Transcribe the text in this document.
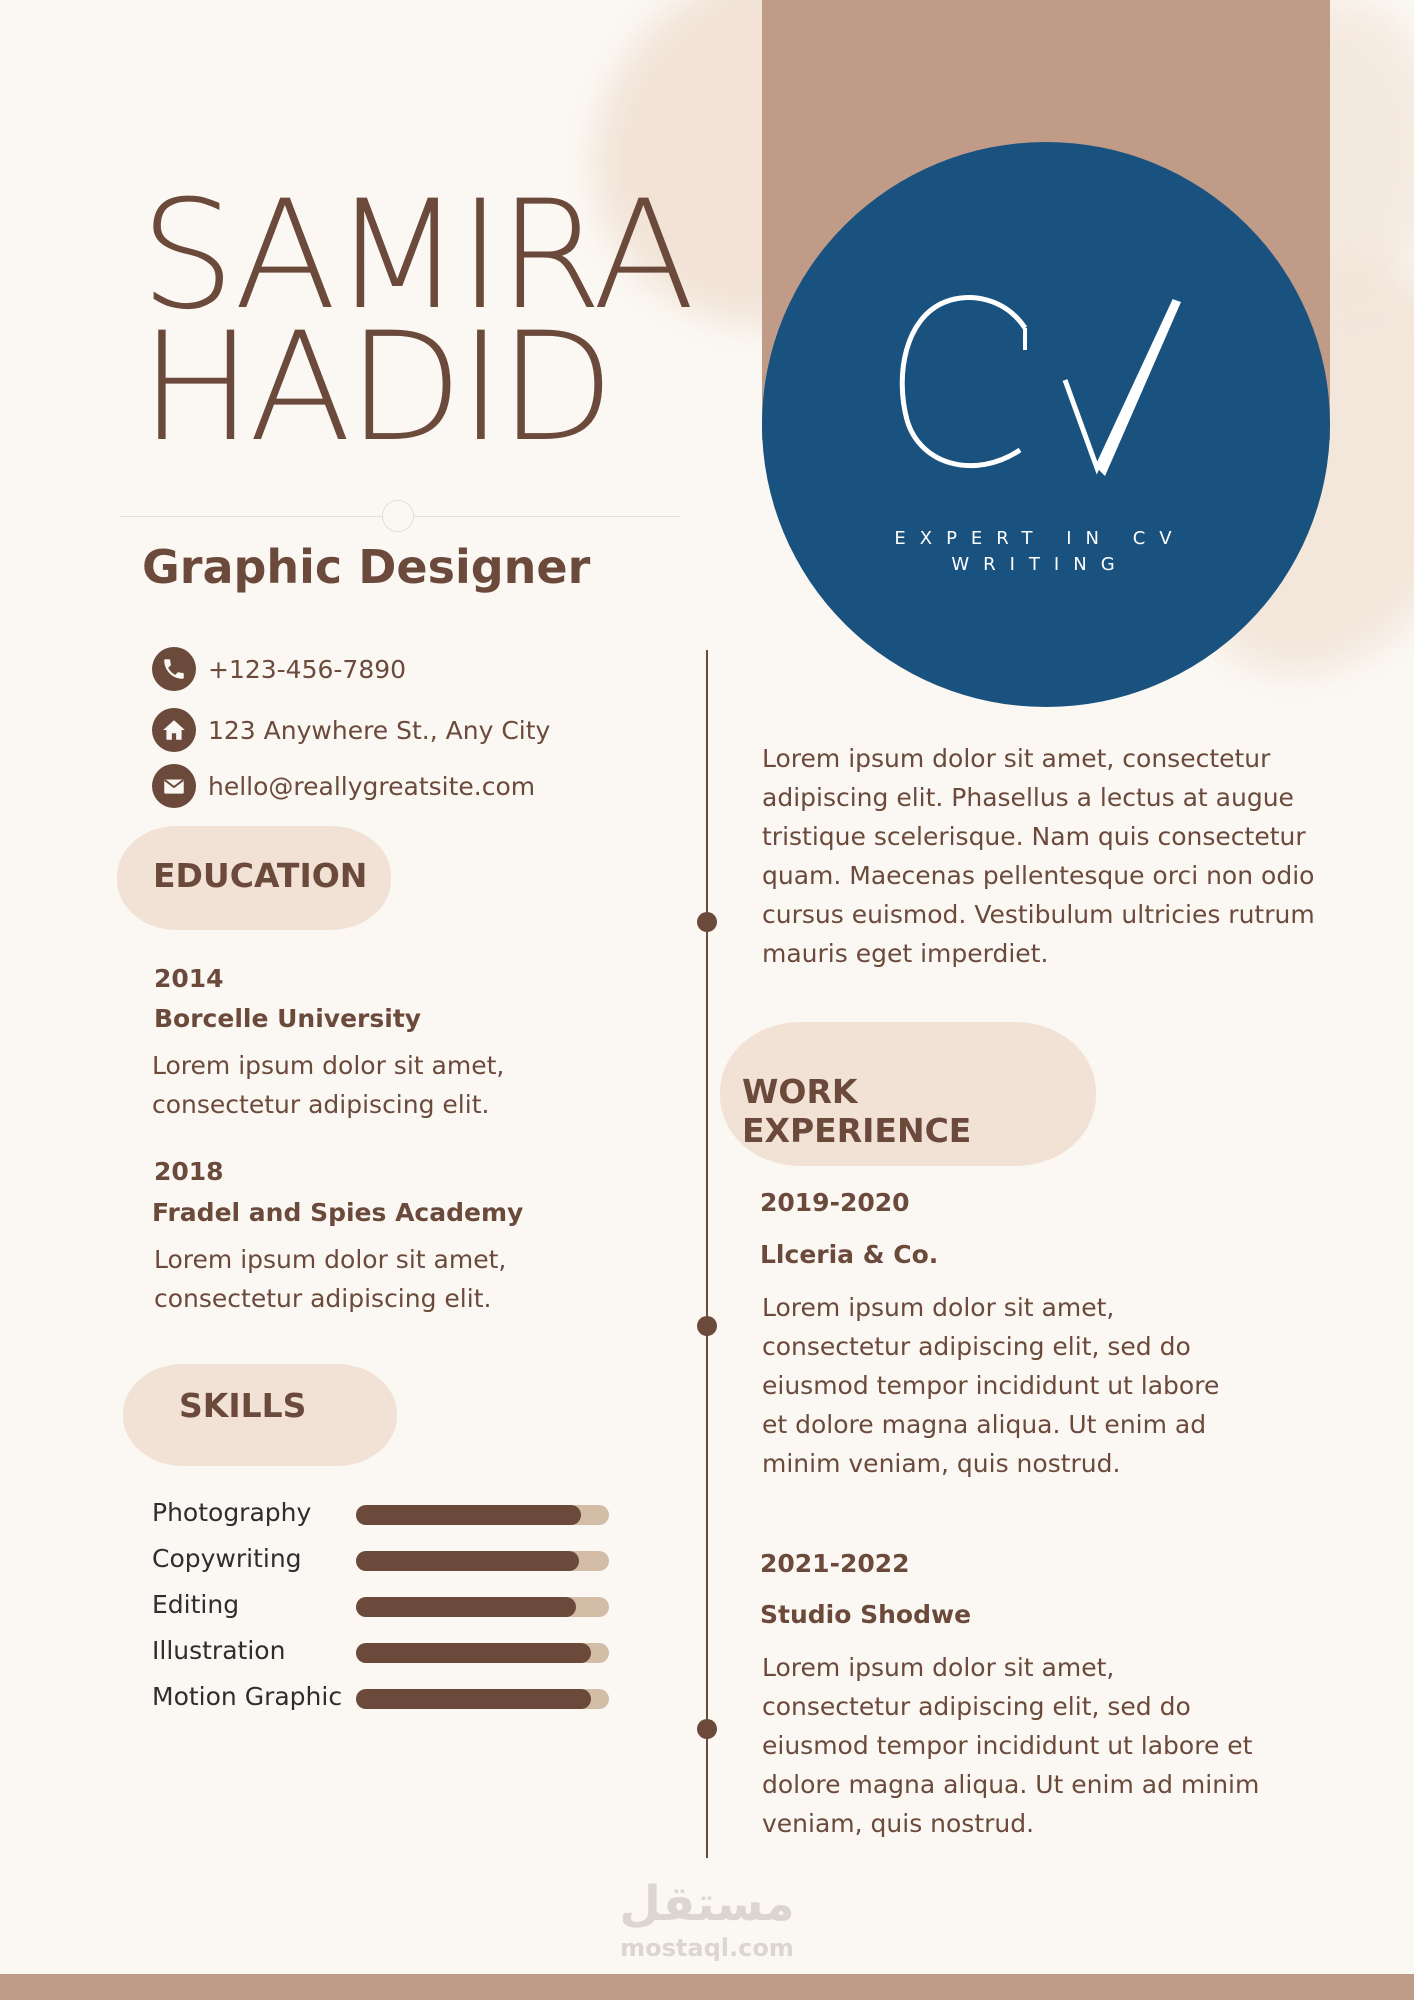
EXPERT IN CV
WRITING
SAMIRA
HADID
Graphic Designer
+123-456-7890
123 Anywhere St., Any City
hello@reallygreatsite.com
EDUCATION
2014
Borcelle University

Lorem ipsum dolor sit amet, consectetur adipiscing elit.

2018
Fradel and Spies Academy

Lorem ipsum dolor sit amet, consectetur adipiscing elit.

SKILLS
Photography
Copywriting
Editing
Illustration
Motion Graphic

Lorem ipsum dolor sit amet, consectetur adipiscing elit. Phasellus a lectus at augue tristique scelerisque. Nam quis consectetur quam. Maecenas pellentesque orci non odio cursus euismod. Vestibulum ultricies rutrum mauris eget imperdiet.

WORK EXPERIENCE
2019-2020
Llceria & Co.

Lorem ipsum dolor sit amet, consectetur adipiscing elit, sed do eiusmod tempor incididunt ut labore et dolore magna aliqua. Ut enim ad minim veniam, quis nostrud.

2021-2022
Studio Shodwe

Lorem ipsum dolor sit amet, consectetur adipiscing elit, sed do eiusmod tempor incididunt ut labore et dolore magna aliqua. Ut enim ad minim veniam, quis nostrud.

مستقل
mostaql.com
